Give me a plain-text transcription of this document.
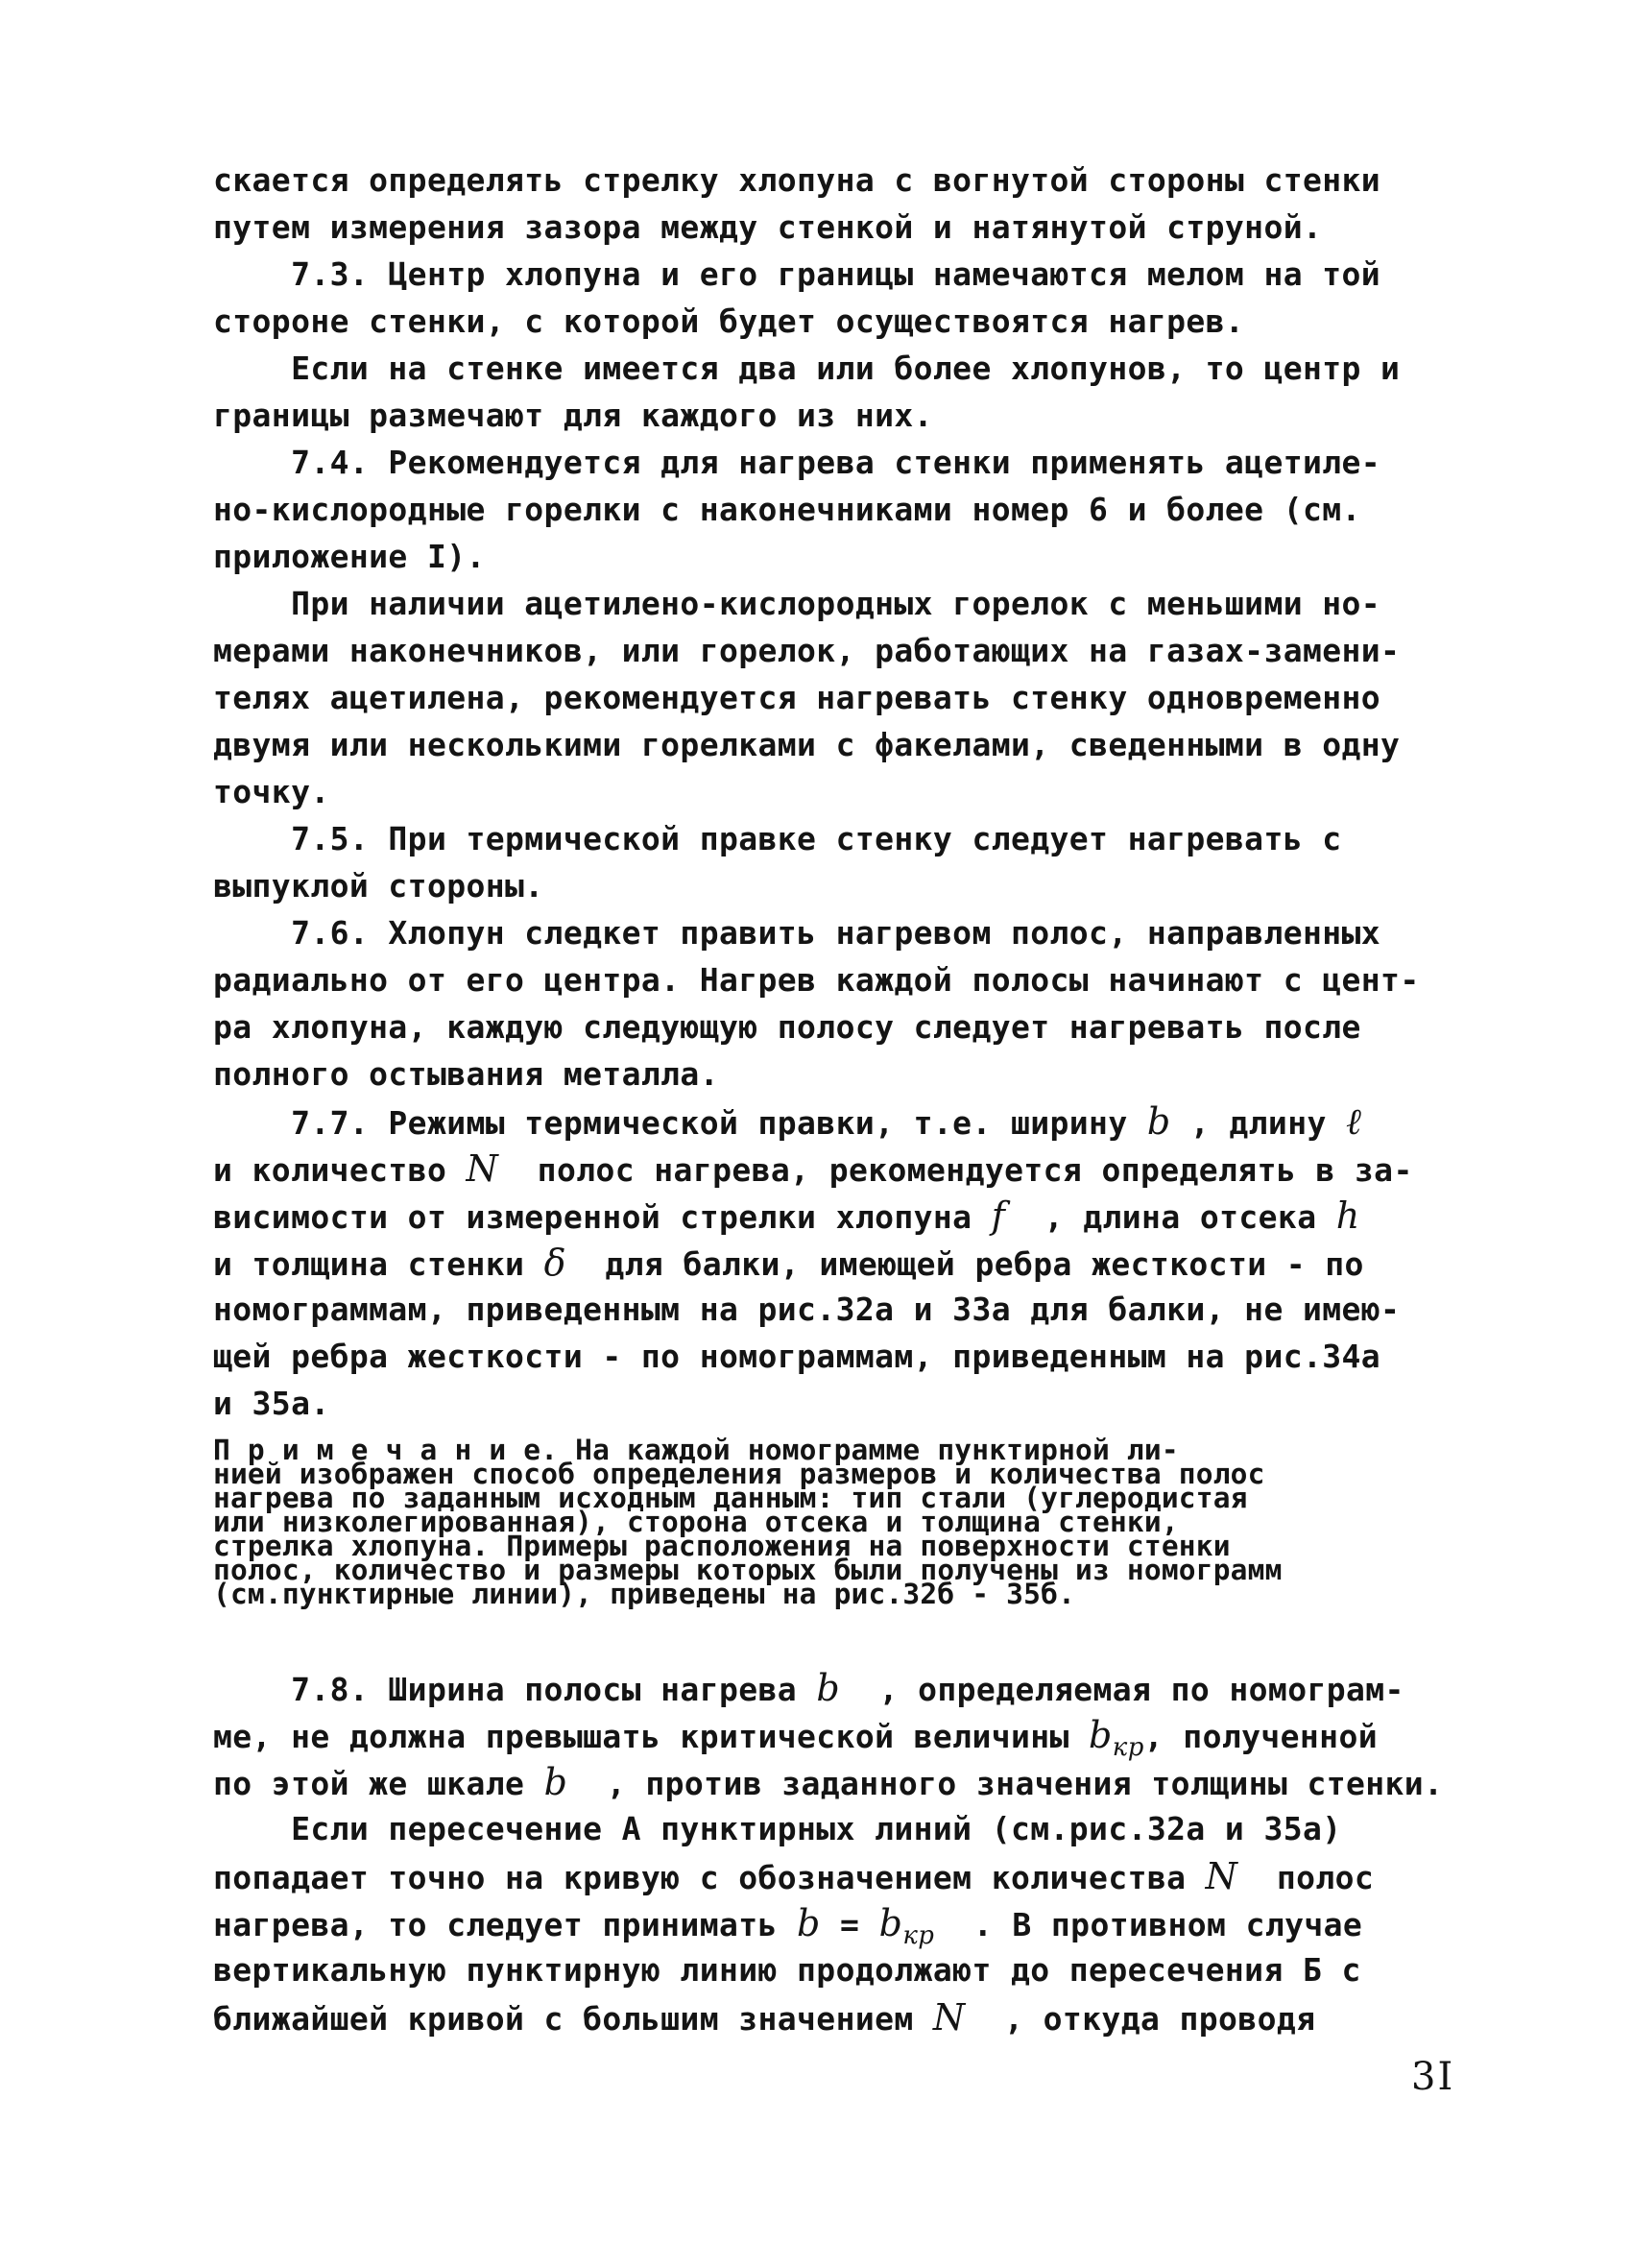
скается определять стрелку хлопуна с вогнутой стороны стенки
путем измерения зазора между стенкой и натянутой струной.
7.3. Центр хлопуна и его границы намечаются мелом на той
стороне стенки, с которой будет осуществоятся нагрев.
Если на стенке имеется два или более хлопунов, то центр и
границы размечают для каждого из них.
7.4. Рекомендуется для нагрева стенки применять ацетиле-
но-кислородные горелки с наконечниками номер 6 и более (см.
приложение I).
При наличии ацетилено-кислородных горелок с меньшими но-
мерами наконечников, или горелок, работающих на газах-замени-
телях ацетилена, рекомендуется нагревать стенку одновременно
двумя или несколькими горелками с факелами, сведенными в одну
точку.
7.5. При термической правке стенку следует нагревать с
выпуклой стороны.
7.6. Хлопун следкет править нагревом полос, направленных
радиально от его центра. Нагрев каждой полосы начинают с цент-
ра хлопуна, каждую следующую полосу следует нагревать после
полного остывания металла.
7.7. Режимы термической правки, т.е. ширину b , длину ℓ
и количество N  полос нагрева, рекомендуется определять в за-
висимости от измеренной стрелки хлопуна f  , длина отсека h
и толщина стенки δ  для балки, имеющей ребра жесткости - по
номограммам, приведенным на рис.32а и 33а для балки, не имею-
щей ребра жесткости - по номограммам, приведенным на рис.34а
и 35а.
П р и м е ч а н и е. На каждой номограмме пунктирной ли-
нией изображен способ определения размеров и количества полос
нагрева по заданным исходным данным: тип стали (углеродистая
или низколегированная), сторона отсека и толщина стенки,
стрелка хлопуна. Примеры расположения на поверхности стенки
полос, количество и размеры которых были получены из номограмм
(см.пунктирные линии), приведены на рис.32б - 35б.
7.8. Ширина полосы нагрева b  , определяемая по номограм-
ме, не должна превышать критической величины $b_{кр}$, полученной
по этой же шкале b  , против заданного значения толщины стенки.
Если пересечение А пунктирных линий (см.рис.32а и 35а)
попадает точно на кривую с обозначением количества N  полос
нагрева, то следует принимать $b = b_{кр}$  . В противном случае
вертикальную пунктирную линию продолжают до пересечения Б с
ближайшей кривой с большим значением N  , откуда проводя
3I
